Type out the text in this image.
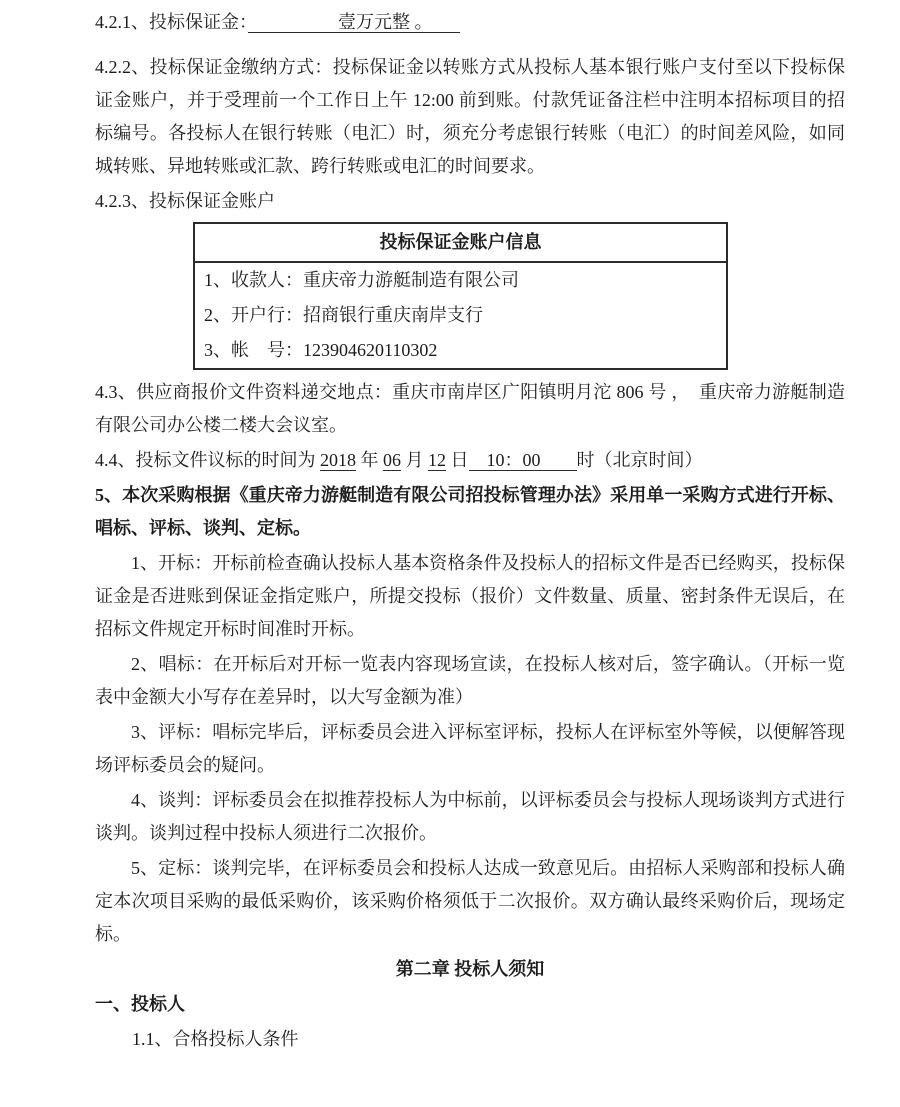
4.2.1、投标保证金：　　　　　壹万元整 。　　

4.2.2、投标保证金缴纳方式：投标保证金以转账方式从投标人基本银行账户支付至以下投标保证金账户，并于受理前一个工作日上午 12:00 前到账。付款凭证备注栏中注明本招标项目的招标编号。各投标人在银行转账（电汇）时，须充分考虑银行转账（电汇）的时间差风险，如同城转账、异地转账或汇款、跨行转账或电汇的时间要求。

4.2.3、投标保证金账户

投标保证金账户信息
1、收款人：重庆帝力游艇制造有限公司
2、开户行：招商银行重庆南岸支行
3、帐　号：123904620110302

4.3、供应商报价文件资料递交地点：重庆市南岸区广阳镇明月沱 806 号 ，　重庆帝力游艇制造有限公司办公楼二楼大会议室。

4.4、投标文件议标的时间为 2018 年 06 月 12 日　10：00　　时（北京时间）

5、本次采购根据《重庆帝力游艇制造有限公司招投标管理办法》采用单一采购方式进行开标、唱标、评标、谈判、定标。

1、开标：开标前检查确认投标人基本资格条件及投标人的招标文件是否已经购买，投标保证金是否进账到保证金指定账户，所提交投标（报价）文件数量、质量、密封条件无误后，在招标文件规定开标时间准时开标。

2、唱标：在开标后对开标一览表内容现场宣读，在投标人核对后，签字确认。（开标一览表中金额大小写存在差异时，以大写金额为准）

3、评标：唱标完毕后，评标委员会进入评标室评标，投标人在评标室外等候，以便解答现场评标委员会的疑问。

4、谈判：评标委员会在拟推荐投标人为中标前，以评标委员会与投标人现场谈判方式进行谈判。谈判过程中投标人须进行二次报价。

5、定标：谈判完毕，在评标委员会和投标人达成一致意见后。由招标人采购部和投标人确定本次项目采购的最低采购价，该采购价格须低于二次报价。双方确认最终采购价后，现场定标。

第二章 投标人须知

一、投标人

1.1、合格投标人条件
